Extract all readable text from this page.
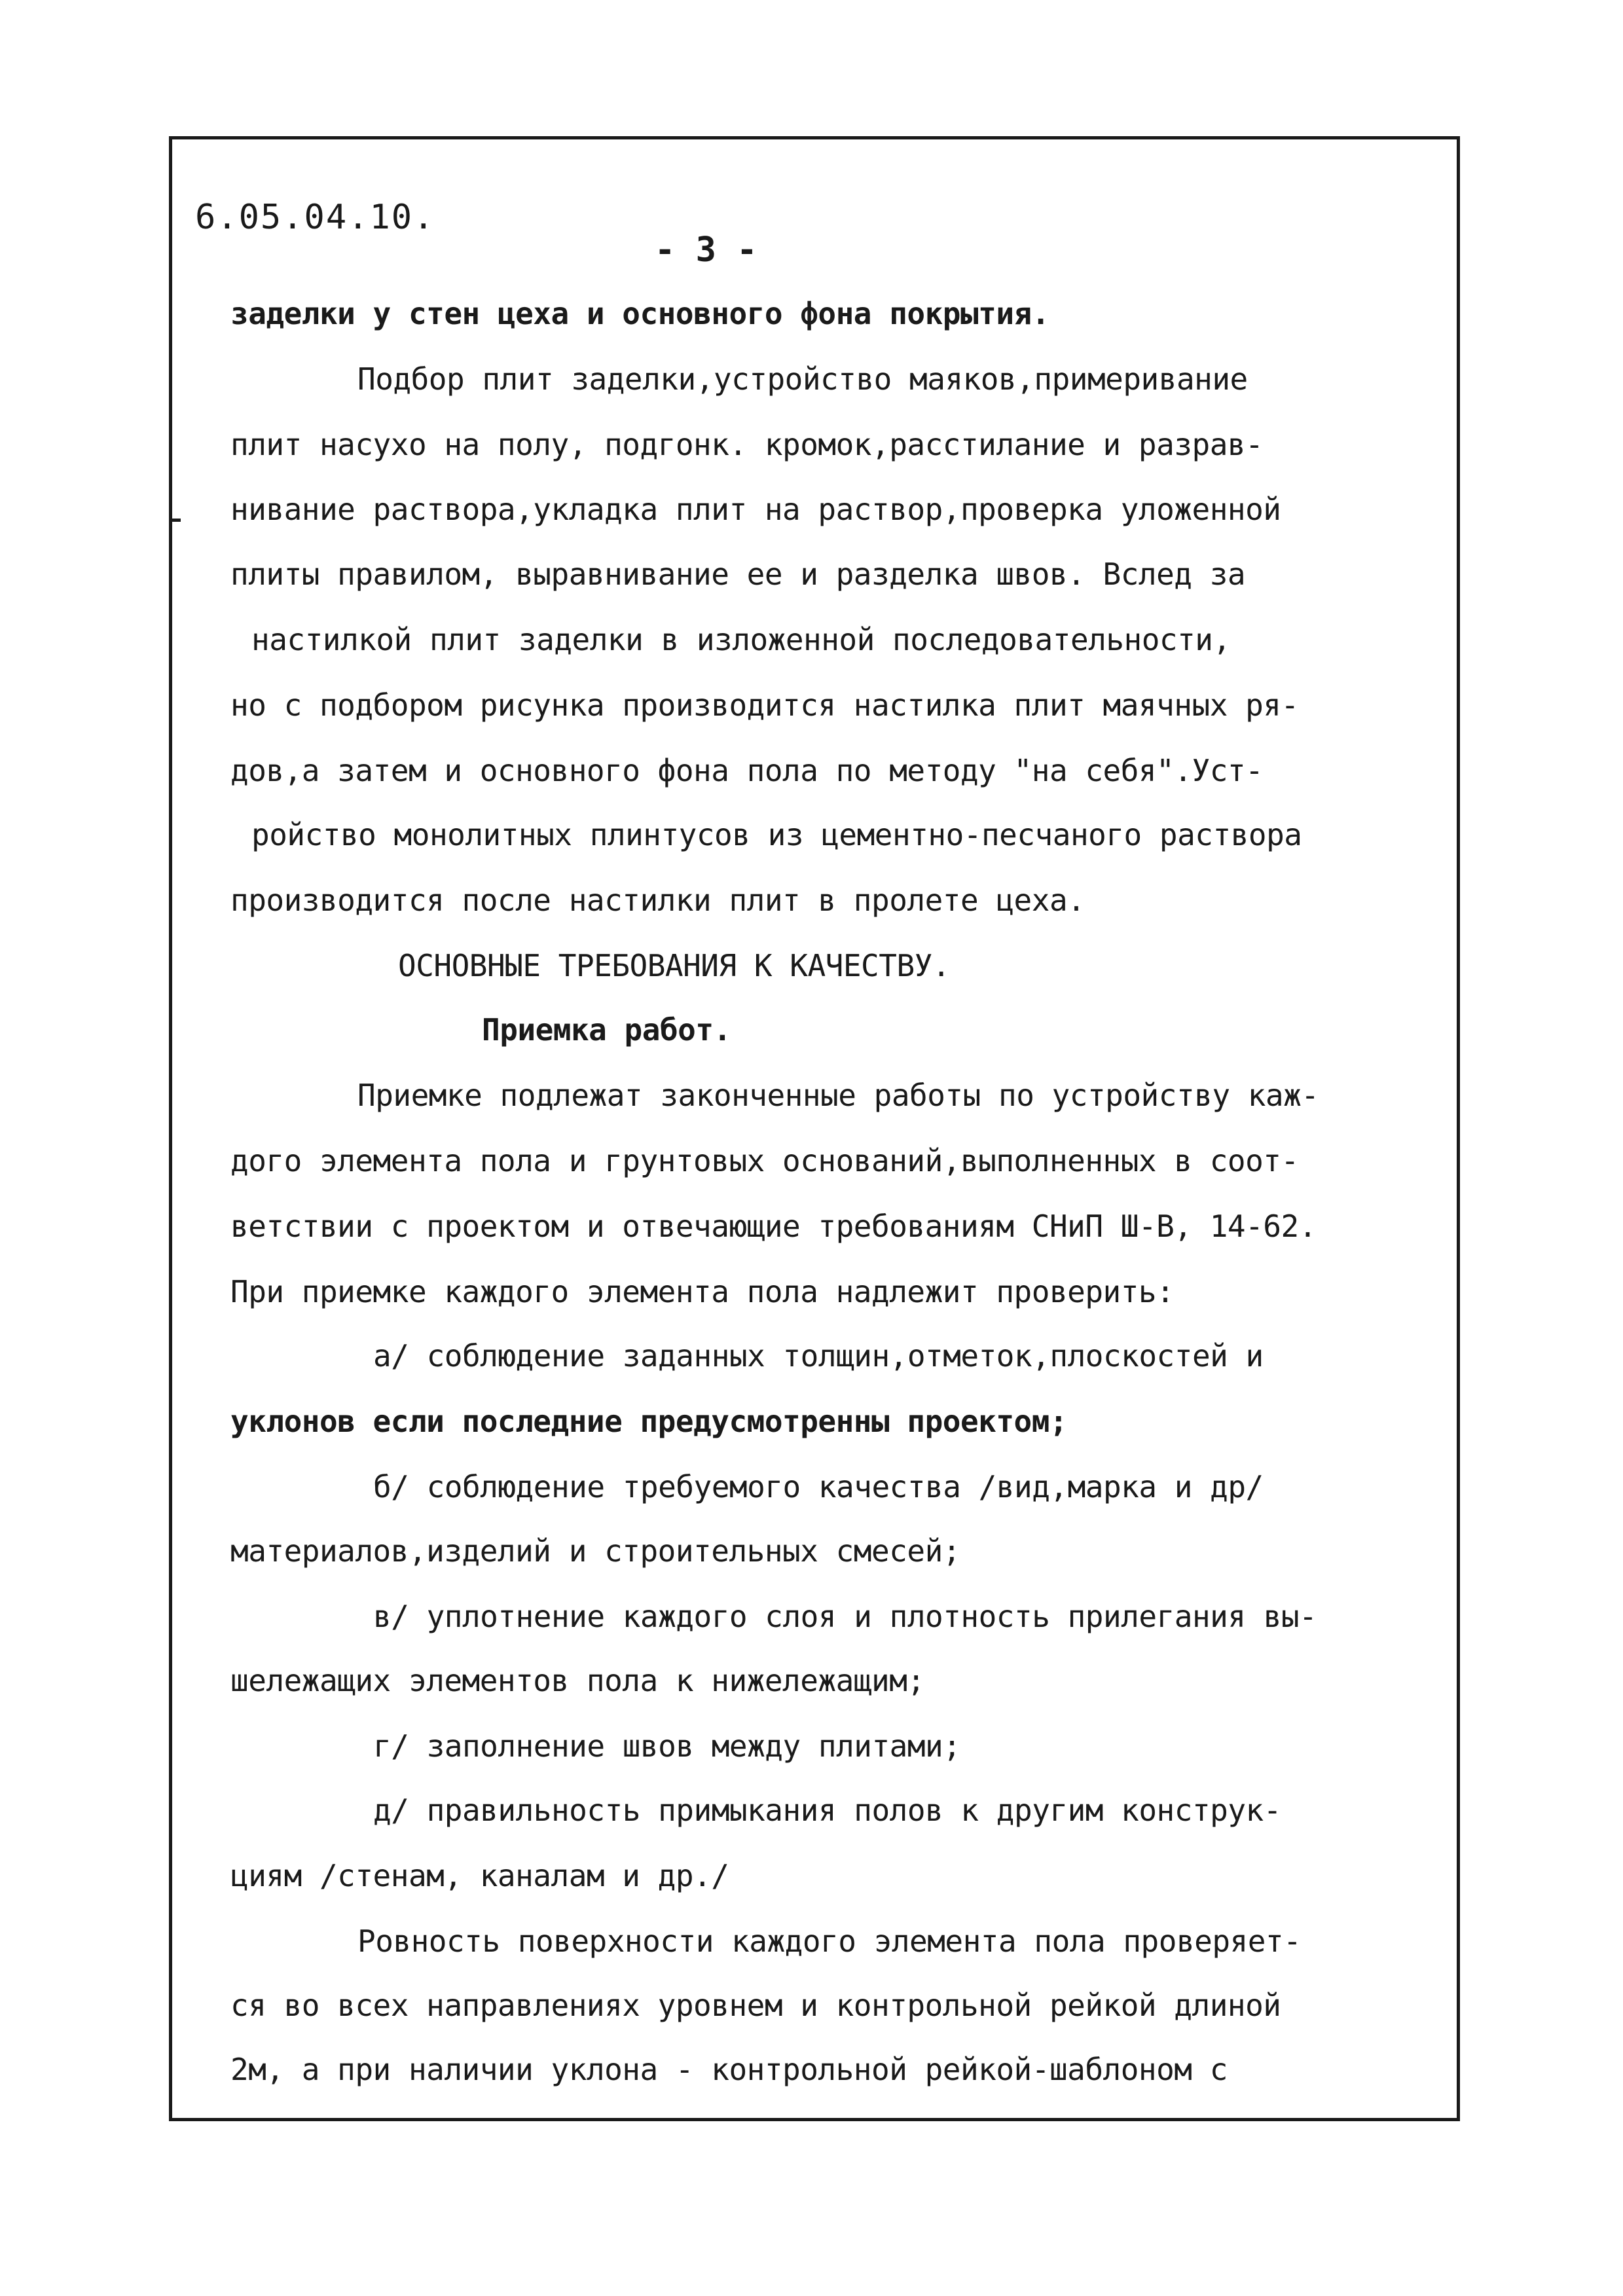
6.05.04.10.
- 3 -
заделки у стен цеха и основного фона покрытия.
Подбор плит заделки,устройство маяков,примеривание
плит насухо на полу, подгонк. кромок,расстилание и разрав-
нивание раствора,укладка плит на раствор,проверка уложенной
плиты правилом, выравнивание ее и разделка швов. Вслед за
настилкой плит заделки в изложенной последовательности,
но с подбором рисунка производится настилка плит маячных ря-
дов,а затем и основного фона пола по методу "на себя".Уст-
ройство монолитных плинтусов из цементно-песчаного раствора
производится после настилки плит в пролете цеха.
ОСНОВНЫЕ ТРЕБОВАНИЯ К КАЧЕСТВУ.
Приемка работ.
Приемке подлежат законченные работы по устройству каж-
дого элемента пола и грунтовых оснований,выполненных в соот-
ветствии с проектом и отвечающие требованиям СНиП Ш-В, 14-62.
При приемке каждого элемента пола надлежит проверить:
а/ соблюдение заданных толщин,отметок,плоскостей и
уклонов если последние предусмотренны проектом;
б/ соблюдение требуемого качества /вид,марка и др/
материалов,изделий и строительных смесей;
в/ уплотнение каждого слоя и плотность прилегания вы-
шележащих элементов пола к нижележащим;
г/ заполнение швов между плитами;
д/ правильность примыкания полов к другим конструк-
циям /стенам, каналам и др./
Ровность поверхности каждого элемента пола проверяет-
ся во всех направлениях уровнем и контрольной рейкой длиной
2м, а при наличии уклона - контрольной рейкой-шаблоном с
